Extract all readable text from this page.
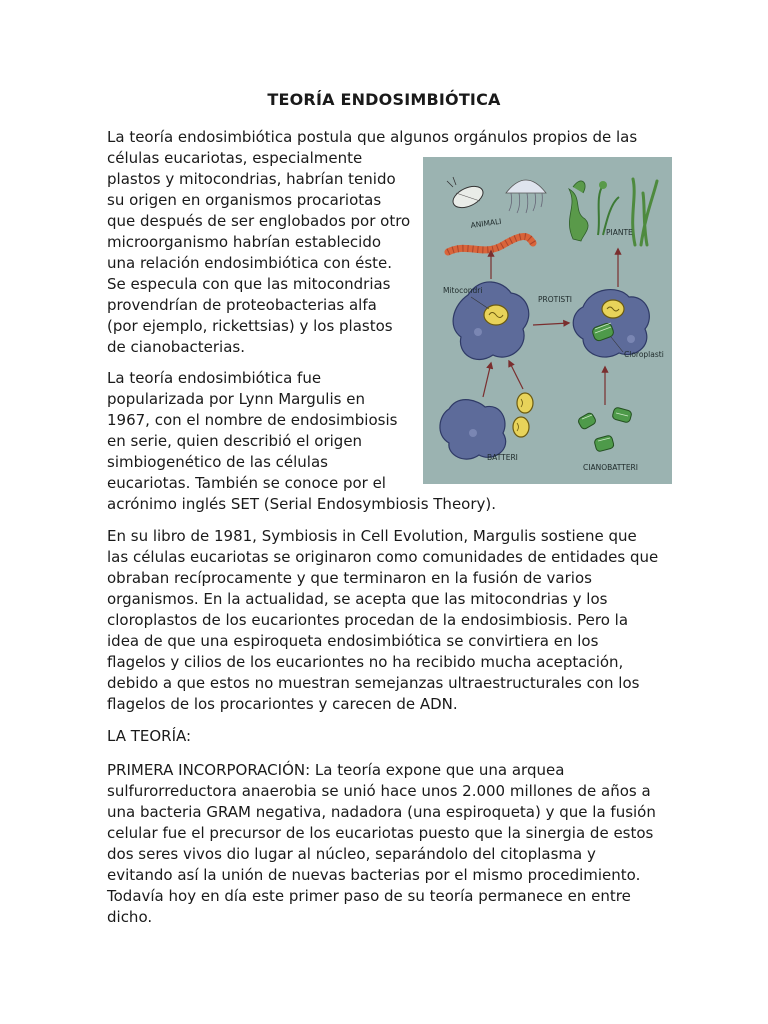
TEORÍA ENDOSIMBIÓTICA
La teoría endosimbiótica postula que algunos orgánulos propios de las
células eucariotas, especialmente
plastos y mitocondrias, habrían tenido
su origen en organismos procariotas
que después de ser englobados por otro
microorganismo habrían establecido
una relación endosimbiótica con éste.
Se especula con que las mitocondrias
provendrían de proteobacterias alfa
(por ejemplo, rickettsias) y los plastos
de cianobacterias.
ANIMALI
PIANTE
Mitocondri
PROTISTI
Cloroplasti
BATTERI
CIANOBATTERI
La teoría endosimbiótica fue
popularizada por Lynn Margulis en
1967, con el nombre de endosimbiosis
en serie, quien describió el origen
simbiogenético de las células
eucariotas. También se conoce por el
acrónimo inglés SET (Serial Endosymbiosis Theory).
En su libro de 1981, Symbiosis in Cell Evolution, Margulis sostiene que
las células eucariotas se originaron como comunidades de entidades que
obraban recíprocamente y que terminaron en la fusión de varios
organismos. En la actualidad, se acepta que las mitocondrias y los
cloroplastos de los eucariontes procedan de la endosimbiosis. Pero la
idea de que una espiroqueta endosimbiótica se convirtiera en los
flagelos y cilios de los eucariontes no ha recibido mucha aceptación,
debido a que estos no muestran semejanzas ultraestructurales con los
flagelos de los procariontes y carecen de ADN.
LA TEORÍA:
PRIMERA INCORPORACIÓN: La teoría expone que una arquea
sulfurorreductora anaerobia se unió hace unos 2.000 millones de años a
una bacteria GRAM negativa, nadadora (una espiroqueta) y que la fusión
celular fue el precursor de los eucariotas puesto que la sinergia de estos
dos seres vivos dio lugar al núcleo, separándolo del citoplasma y
evitando así la unión de nuevas bacterias por el mismo procedimiento.
Todavía hoy en día este primer paso de su teoría permanece en entre
dicho.
